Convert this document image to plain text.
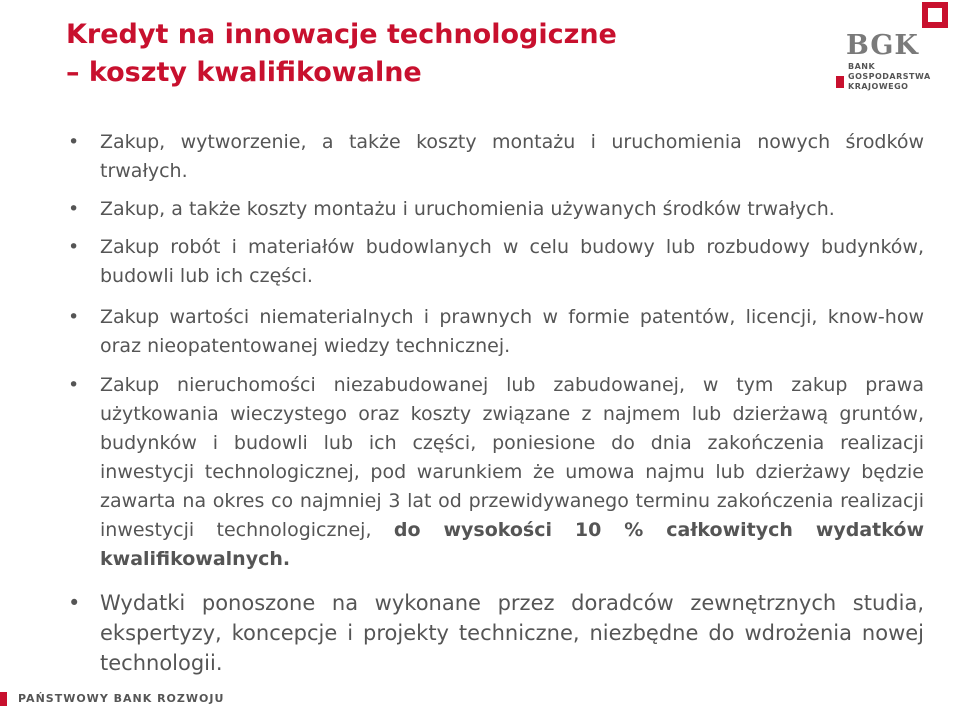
Kredyt na innowacje technologiczne
– koszty kwalifikowalne
BGK
BANK GOSPODARSTWA
KRAJOWEGO
• Zakup, wytworzenie, a także koszty montażu i uruchomienia nowych środków trwałych.
• Zakup, a także koszty montażu i uruchomienia używanych środków trwałych.
• Zakup robót i materiałów budowlanych w celu budowy lub rozbudowy budynków, budowli lub ich części.
• Zakup wartości niematerialnych i prawnych w formie patentów, licencji, know-how oraz nieopatentowanej wiedzy technicznej.
• Zakup nieruchomości niezabudowanej lub zabudowanej, w tym zakup prawa użytkowania wieczystego oraz koszty związane z najmem lub dzierżawą gruntów, budynków i budowli lub ich części, poniesione do dnia zakończenia realizacji inwestycji technologicznej, pod warunkiem że umowa najmu lub dzierżawy będzie zawarta na okres co najmniej 3 lat od przewidywanego terminu zakończenia realizacji inwestycji technologicznej, do wysokości 10 % całkowitych wydatków kwalifikowalnych.
• Wydatki ponoszone na wykonane przez doradców zewnętrznych studia, ekspertyzy, koncepcje i projekty techniczne, niezbędne do wdrożenia nowej technologii.
PAŃSTWOWY BANK ROZWOJU
